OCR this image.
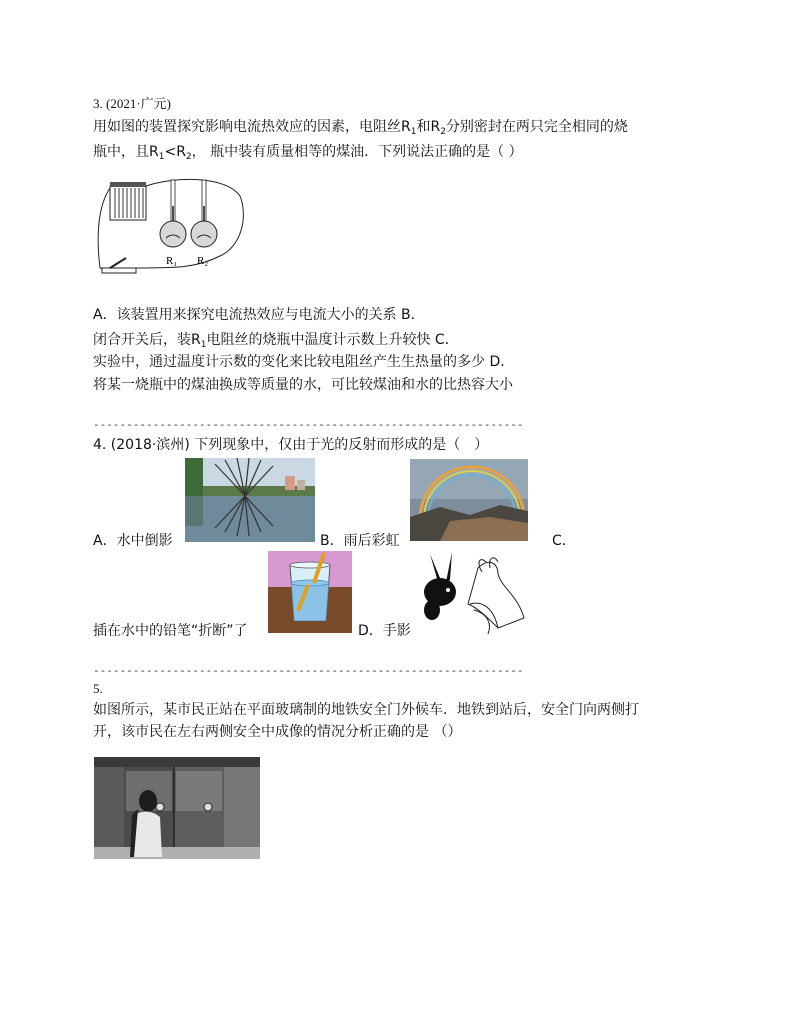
3. (2021·广元)
用如图的装置探究影响电流热效应的因素，电阻丝$R_1$和$R_2$分别密封在两只完全相同的烧
瓶中，且$R_1<R_2$， 瓶中装有质量相等的煤油．下列说法正确的是（ ）
R₁ R₂
A．该装置用来探究电流热效应与电流大小的关系 B．
闭合开关后，装$R_1$电阻丝的烧瓶中温度计示数上升较快 C．
实验中，通过温度计示数的变化来比较电阻丝产生生热量的多少 D．
将某一烧瓶中的煤油换成等质量的水，可比较煤油和水的比热容大小
-----------------------------------------------------------------
4. (2018·滨州) 下列现象中，仅由于光的反射而形成的是（　）
A．水中倒影	B．雨后彩虹	C．
插在水中的铅笔“折断”了	D．手影
-----------------------------------------------------------------
5.
如图所示，某市民正站在平面玻璃制的地铁安全门外候车．地铁到站后，安全门向两侧打
开，该市民在左右两侧安全中成像的情况分析正确的是 （）
